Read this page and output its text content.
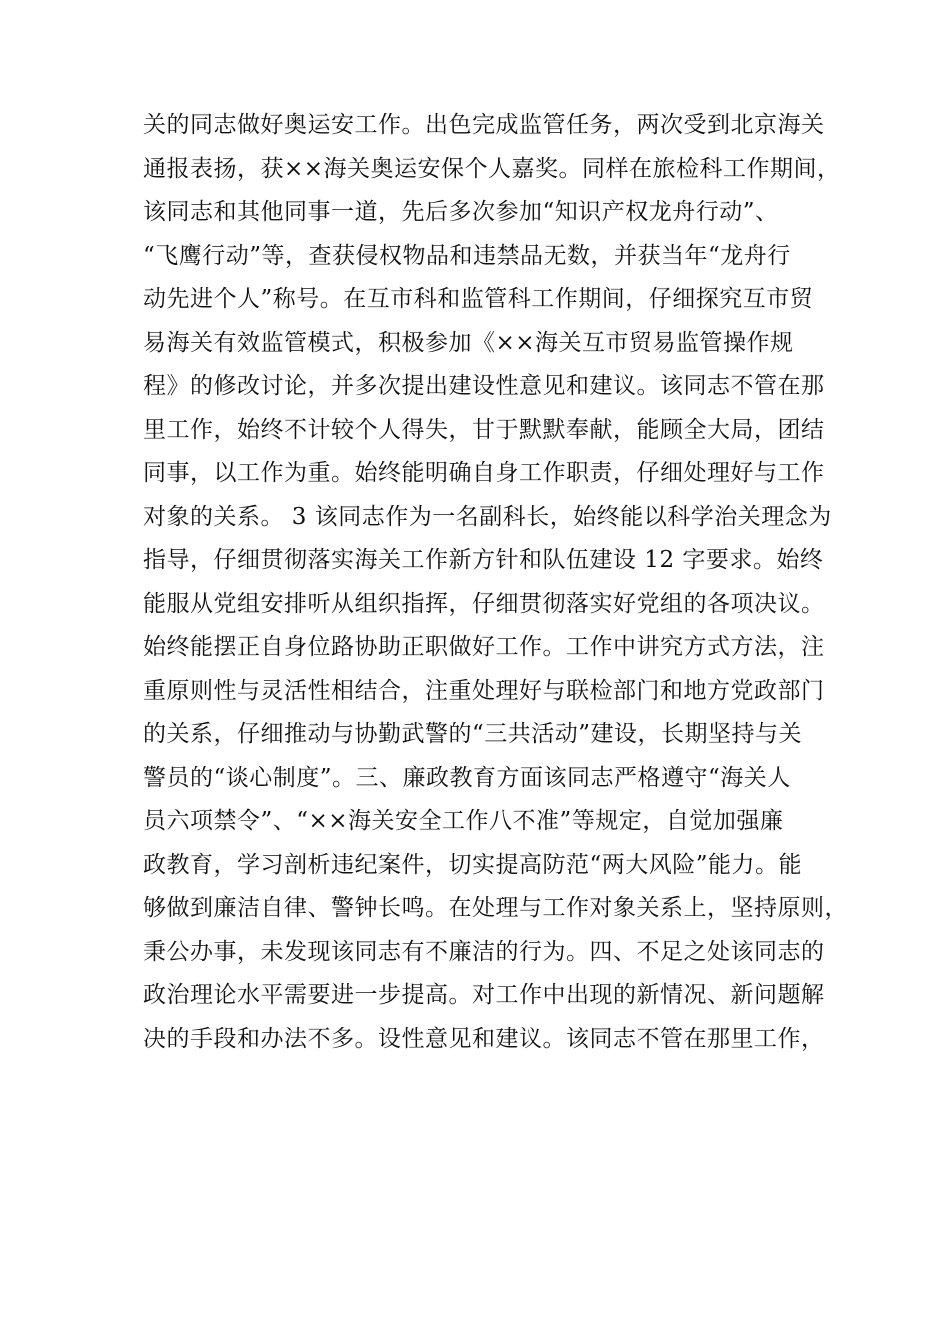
关的同志做好奥运安工作。出色完成监管任务，两次受到北京海关
通报表扬，获××海关奥运安保个人嘉奖。同样在旅检科工作期间，
该同志和其他同事一道，先后多次参加“知识产权龙舟行动”、
“飞鹰行动”等，查获侵权物品和违禁品无数，并获当年“龙舟行
动先进个人”称号。在互市科和监管科工作期间，仔细探究互市贸
易海关有效监管模式，积极参加《××海关互市贸易监管操作规
程》的修改讨论，并多次提出建设性意见和建议。该同志不管在那
里工作，始终不计较个人得失，甘于默默奉献，能顾全大局，团结
同事，以工作为重。始终能明确自身工作职责，仔细处理好与工作
对象的关系。 3 该同志作为一名副科长，始终能以科学治关理念为
指导，仔细贯彻落实海关工作新方针和队伍建设 12 字要求。始终
能服从党组安排听从组织指挥，仔细贯彻落实好党组的各项决议。
始终能摆正自身位路协助正职做好工作。工作中讲究方式方法，注
重原则性与灵活性相结合，注重处理好与联检部门和地方党政部门
的关系，仔细推动与协勤武警的“三共活动”建设，长期坚持与关
警员的“谈心制度”。三、廉政教育方面该同志严格遵守“海关人
员六项禁令”、“××海关安全工作八不准”等规定，自觉加强廉
政教育，学习剖析违纪案件，切实提高防范“两大风险”能力。能
够做到廉洁自律、警钟长鸣。在处理与工作对象关系上，坚持原则，
秉公办事，未发现该同志有不廉洁的行为。四、不足之处该同志的
政治理论水平需要进一步提高。对工作中出现的新情况、新问题解
决的手段和办法不多。设性意见和建议。该同志不管在那里工作，
